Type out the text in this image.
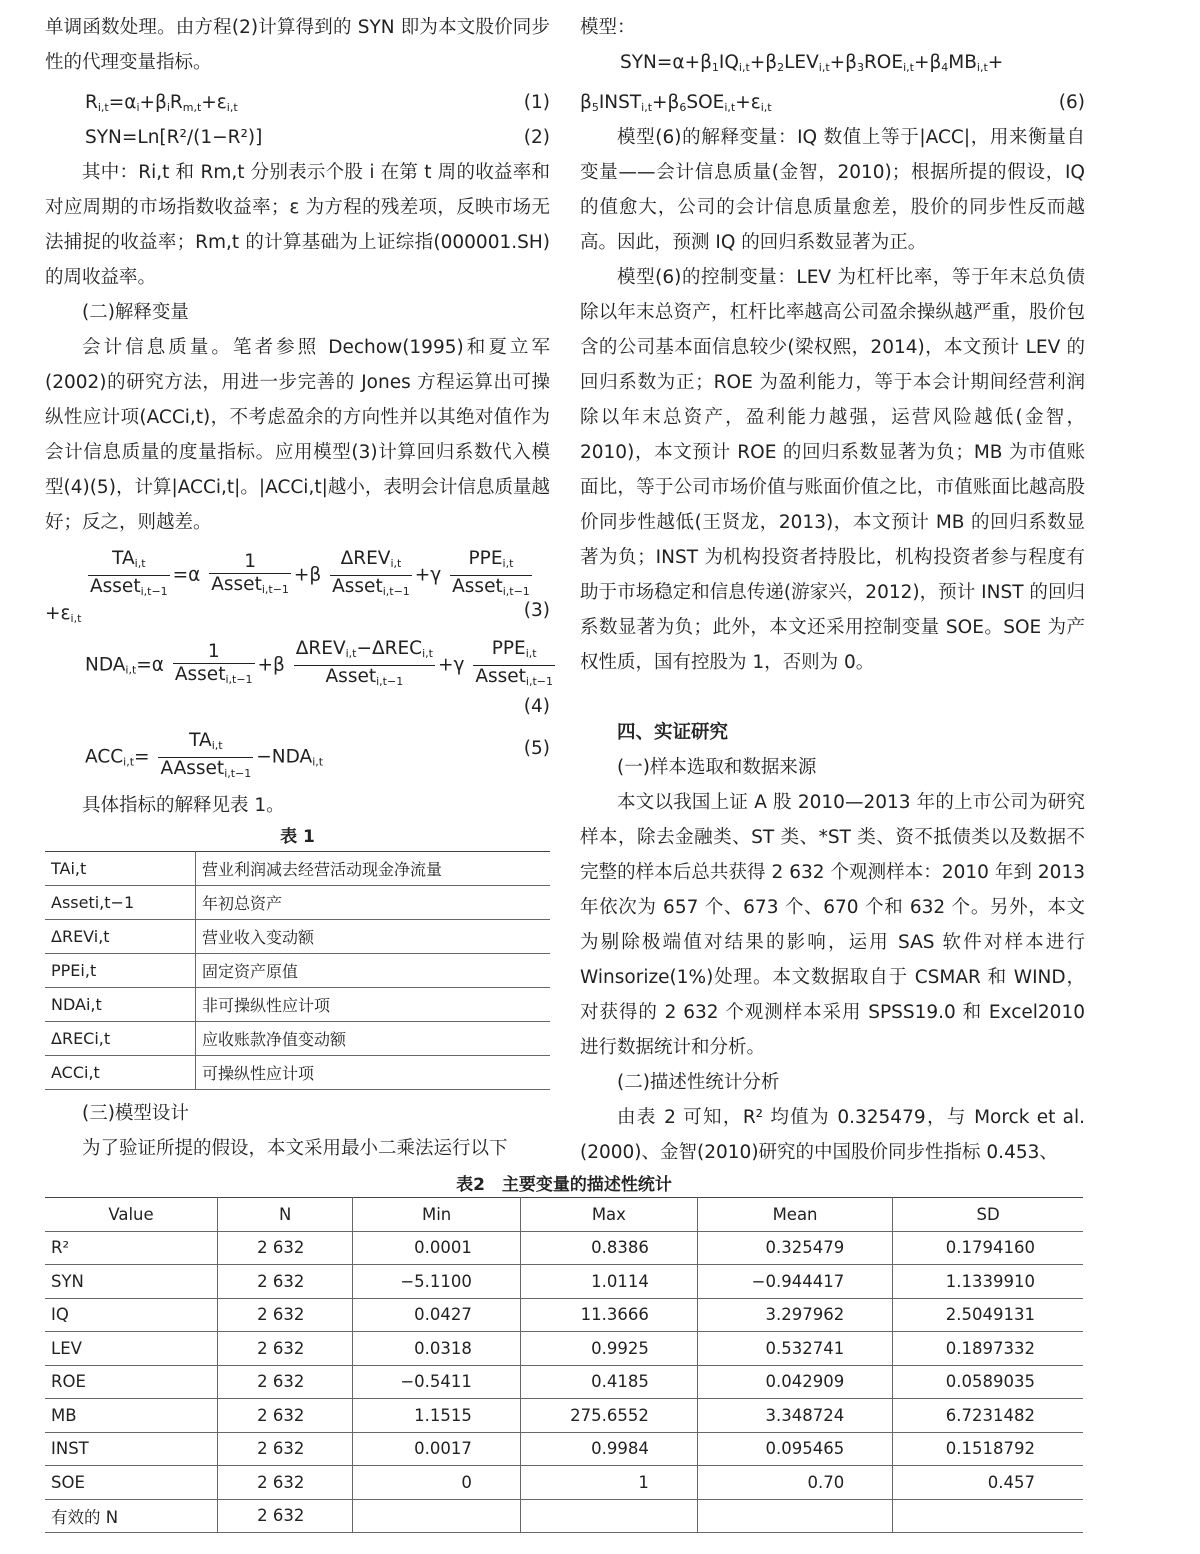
单调函数处理。由方程(2)计算得到的 SYN 即为本文股价同步性的代理变量指标。

$R_{i,t}=\alpha_i+\beta_iR_{m,t}+\varepsilon_{i,t}$	(1)
SYN=Ln[R²/(1−R²)]	(2)

其中：Ri,t 和 Rm,t 分别表示个股 i 在第 t 周的收益率和对应周期的市场指数收益率；ε 为方程的残差项，反映市场无法捕捉的收益率；Rm,t 的计算基础为上证综指(000001.SH)的周收益率。

(二)解释变量

会计信息质量。笔者参照 Dechow(1995)和夏立军(2002)的研究方法，用进一步完善的 Jones 方程运算出可操纵性应计项(ACCi,t)，不考虑盈余的方向性并以其绝对值作为会计信息质量的度量指标。应用模型(3)计算回归系数代入模型(4)(5)，计算|ACCi,t|。|ACCi,t|越小，表明会计信息质量越好；反之，则越差。

$\frac{TA_{i,t}}{Asset_{i,t-1}} =\alpha \frac{1}{Asset_{i,t-1}} +\beta \frac{\Delta REV_{i,t}}{Asset_{i,t-1}} +\gamma \frac{PPE_{i,t}}{Asset_{i,t-1}}$
$+\varepsilon_{i,t}$	(3)
$NDA_{i,t}=\alpha \frac{1}{Asset_{i,t-1}} +\beta \frac{\Delta REV_{i,t}-\Delta REC_{i,t}}{Asset_{i,t-1}} +\gamma \frac{PPE_{i,t}}{Asset_{i,t-1}}$
(4)
$ACC_{i,t}= \frac{TA_{i,t}}{AAsset_{i,t-1}} -NDA_{i,t}$
(5)

具体指标的解释见表 1。

表 1
TAi,t	营业利润减去经营活动现金净流量
Asseti,t−1	年初总资产
ΔREVi,t	营业收入变动额
PPEi,t	固定资产原值
NDAi,t	非可操纵性应计项
ΔRECi,t	应收账款净值变动额
ACCi,t	可操纵性应计项
(三)模型设计

为了验证所提的假设，本文采用最小二乘法运行以下

模型：

$SYN=\alpha+\beta_1IQ_{i,t}+\beta_2LEV_{i,t}+\beta_3ROE_{i,t}+\beta_4MB_{i,t}+$
$\beta_5INST_{i,t}+\beta_6SOE_{i,t}+\varepsilon_{i,t}$	(6)

模型(6)的解释变量：IQ 数值上等于|ACC|，用来衡量自变量——会计信息质量(金智，2010)；根据所提的假设，IQ 的值愈大，公司的会计信息质量愈差，股价的同步性反而越高。因此，预测 IQ 的回归系数显著为正。

模型(6)的控制变量：LEV 为杠杆比率，等于年末总负债除以年末总资产，杠杆比率越高公司盈余操纵越严重，股价包含的公司基本面信息较少(梁权熙，2014)，本文预计 LEV 的回归系数为正；ROE 为盈利能力，等于本会计期间经营利润除以年末总资产，盈利能力越强，运营风险越低(金智，2010)，本文预计 ROE 的回归系数显著为负；MB 为市值账面比，等于公司市场价值与账面价值之比，市值账面比越高股价同步性越低(王贤龙，2013)，本文预计 MB 的回归系数显著为负；INST 为机构投资者持股比，机构投资者参与程度有助于市场稳定和信息传递(游家兴，2012)，预计 INST 的回归系数显著为负；此外，本文还采用控制变量 SOE。SOE 为产权性质，国有控股为 1，否则为 0。

四、实证研究
(一)样本选取和数据来源

本文以我国上证 A 股 2010—2013 年的上市公司为研究样本，除去金融类、ST 类、*ST 类、资不抵债类以及数据不完整的样本后总共获得 2 632 个观测样本：2010 年到 2013 年依次为 657 个、673 个、670 个和 632 个。另外，本文为剔除极端值对结果的影响，运用 SAS 软件对样本进行 Winsorize(1%)处理。本文数据取自于 CSMAR 和 WIND，对获得的 2 632 个观测样本采用 SPSS19.0 和 Excel2010 进行数据统计和分析。

(二)描述性统计分析

由表 2 可知，R² 均值为 0.325479，与 Morck et al.(2000)、金智(2010)研究的中国股价同步性指标 0.453、

表2　主要变量的描述性统计
Value	N	Min	Max	Mean	SD
R²	2 632	0.0001	0.8386	0.325479	0.1794160
SYN	2 632	−5.1100	1.0114	−0.944417	1.1339910
IQ	2 632	0.0427	11.3666	3.297962	2.5049131
LEV	2 632	0.0318	0.9925	0.532741	0.1897332
ROE	2 632	−0.5411	0.4185	0.042909	0.0589035
MB	2 632	1.1515	275.6552	3.348724	6.7231482
INST	2 632	0.0017	0.9984	0.095465	0.1518792
SOE	2 632	0	1	0.70	0.457
有效的 N	2 632				
